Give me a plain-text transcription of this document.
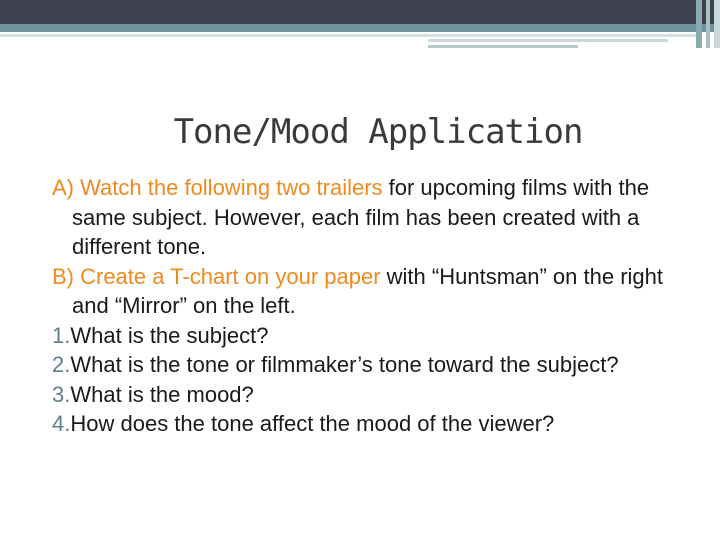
Tone/Mood Application
A) Watch the following two trailers for upcoming films with the same subject. However, each film has been created with a different tone.
B) Create a T-chart on your paper with “Huntsman” on the right and “Mirror” on the left.
1.What is the subject?
2.What is the tone or filmmaker’s tone toward the subject?
3.What is the mood?
4.How does the tone affect the mood of the viewer?
